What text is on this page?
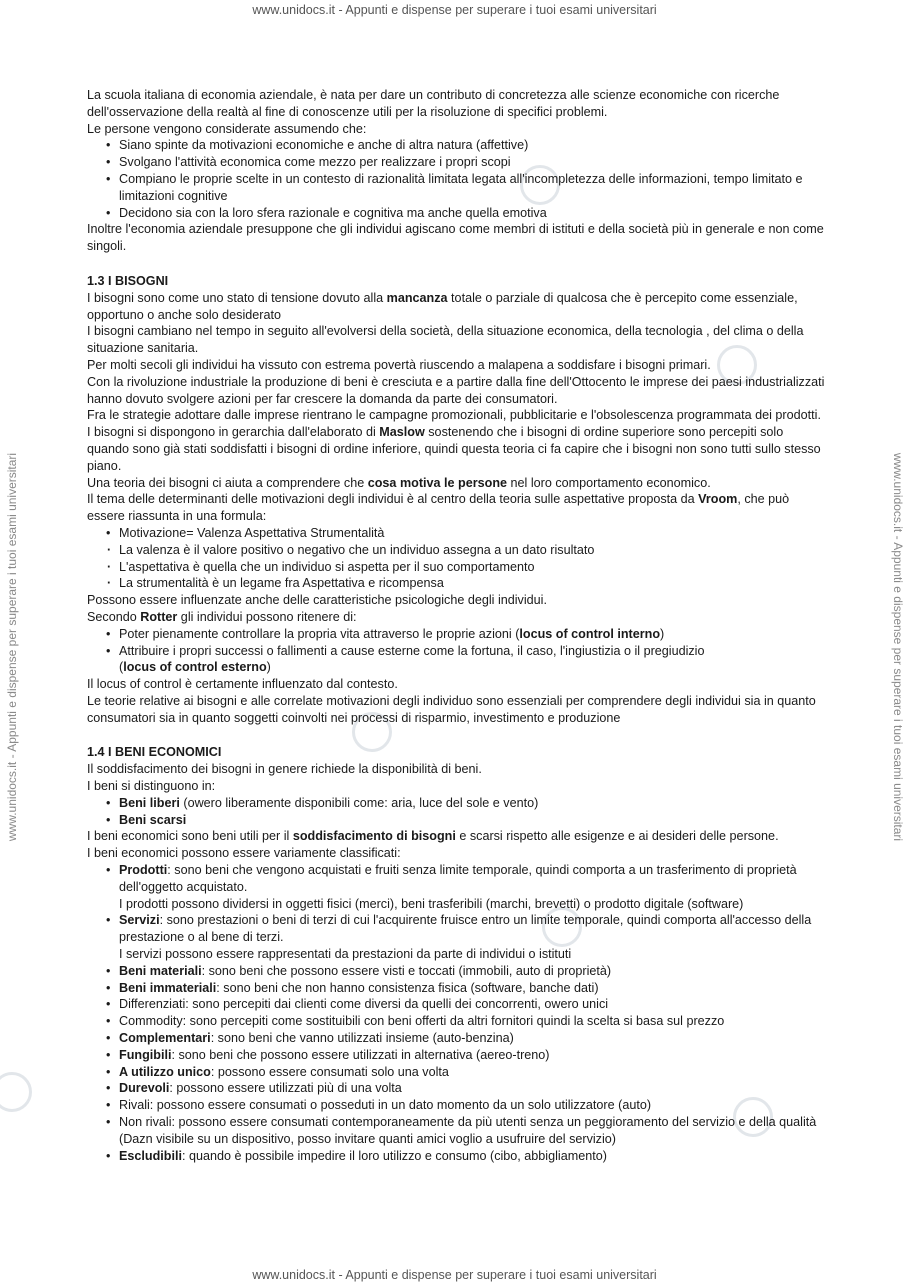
www.unidocs.it - Appunti e dispense per superare i tuoi esami universitari
www.unidocs.it - Appunti e dispense per superare i tuoi esami universitari	www.unidocs.it - Appunti e dispense per superare i tuoi esami universitari

La scuola italiana di economia aziendale, è nata per dare un contributo di concretezza alle scienze economiche con ricerche dell'osservazione della realtà al fine di conoscenze utili per la risoluzione di specifici problemi.

Le persone vengono considerate assumendo che:

• Siano spinte da motivazioni economiche e anche di altra natura (affettive)
• Svolgano l'attività economica come mezzo per realizzare i propri scopi
• Compiano le proprie scelte in un contesto di razionalità limitata legata all'incompletezza delle informazioni, tempo limitato e limitazioni cognitive
• Decidono sia con la loro sfera razionale e cognitiva ma anche quella emotiva

Inoltre l'economia aziendale presuppone che gli individui agiscano come membri di istituti e della società più in generale e non come singoli.

1.3 I BISOGNI

I bisogni sono come uno stato di tensione dovuto alla mancanza totale o parziale di qualcosa che è percepito come essenziale, opportuno o anche solo desiderato

I bisogni cambiano nel tempo in seguito all'evolversi della società, della situazione economica, della tecnologia , del clima o della situazione sanitaria.

Per molti secoli gli individui ha vissuto con estrema povertà riuscendo a malapena a soddisfare i bisogni primari.

Con la rivoluzione industriale la produzione di beni è cresciuta e a partire dalla fine dell'Ottocento le imprese dei paesi industrializzati hanno dovuto svolgere azioni per far crescere la domanda da parte dei consumatori.

Fra le strategie adottare dalle imprese rientrano le campagne promozionali, pubblicitarie e l'obsolescenza programmata dei prodotti.

I bisogni si dispongono in gerarchia dall'elaborato di Maslow sostenendo che i bisogni di ordine superiore sono percepiti solo quando sono già stati soddisfatti i bisogni di ordine inferiore, quindi questa teoria ci fa capire che i bisogni non sono tutti sullo stesso piano.

Una teoria dei bisogni ci aiuta a comprendere che cosa motiva le persone nel loro comportamento economico.

Il tema delle determinanti delle motivazioni degli individui è al centro della teoria sulle aspettative proposta da Vroom, che può essere riassunta in una formula:

• Motivazione= Valenza Aspettativa Strumentalità
· La valenza è il valore positivo o negativo che un individuo assegna a un dato risultato
· L'aspettativa è quella che un individuo si aspetta per il suo comportamento
· La strumentalità è un legame fra Aspettativa e ricompensa

Possono essere influenzate anche delle caratteristiche psicologiche degli individui.

Secondo Rotter gli individui possono ritenere di:

• Poter pienamente controllare la propria vita attraverso le proprie azioni (locus of control interno)
• Attribuire i propri successi o fallimenti a cause esterne come la fortuna, il caso, l'ingiustizia o il pregiudizio
(locus of control esterno)

Il locus of control è certamente influenzato dal contesto.

Le teorie relative ai bisogni e alle correlate motivazioni degli individuo sono essenziali per comprendere degli individui sia in quanto consumatori sia in quanto soggetti coinvolti nei processi di risparmio, investimento e produzione

1.4 I BENI ECONOMICI

Il soddisfacimento dei bisogni in genere richiede la disponibilità di beni.

I beni si distinguono in:

• Beni liberi (owero liberamente disponibili come: aria, luce del sole e vento)
• Beni scarsi

I beni economici sono beni utili per il soddisfacimento di bisogni e scarsi rispetto alle esigenze e ai desideri delle persone.

I beni economici possono essere variamente classificati:

• Prodotti: sono beni che vengono acquistati e fruiti senza limite temporale, quindi comporta a un trasferimento di proprietà dell'oggetto acquistato.
I prodotti possono dividersi in oggetti fisici (merci), beni trasferibili (marchi, brevetti) o prodotto digitale (software)
• Servizi: sono prestazioni o beni di terzi di cui l'acquirente fruisce entro un limite temporale, quindi comporta all'accesso della prestazione o al bene di terzi.
I servizi possono essere rappresentati da prestazioni da parte di individui o istituti
• Beni materiali: sono beni che possono essere visti e toccati (immobili, auto di proprietà)
• Beni immateriali: sono beni che non hanno consistenza fisica (software, banche dati)
• Differenziati: sono percepiti dai clienti come diversi da quelli dei concorrenti, owero unici
• Commodity: sono percepiti come sostituibili con beni offerti da altri fornitori quindi la scelta si basa sul prezzo
• Complementari: sono beni che vanno utilizzati insieme (auto-benzina)
• Fungibili: sono beni che possono essere utilizzati in alternativa (aereo-treno)
• A utilizzo unico: possono essere consumati solo una volta
• Durevoli: possono essere utilizzati più di una volta
• Rivali: possono essere consumati o posseduti in un dato momento da un solo utilizzatore (auto)
• Non rivali: possono essere consumati contemporaneamente da più utenti senza un peggioramento del servizio e della qualità (Dazn visibile su un dispositivo, posso invitare quanti amici voglio a usufruire del servizio)
• Escludibili: quando è possibile impedire il loro utilizzo e consumo (cibo, abbigliamento)
www.unidocs.it - Appunti e dispense per superare i tuoi esami universitari
